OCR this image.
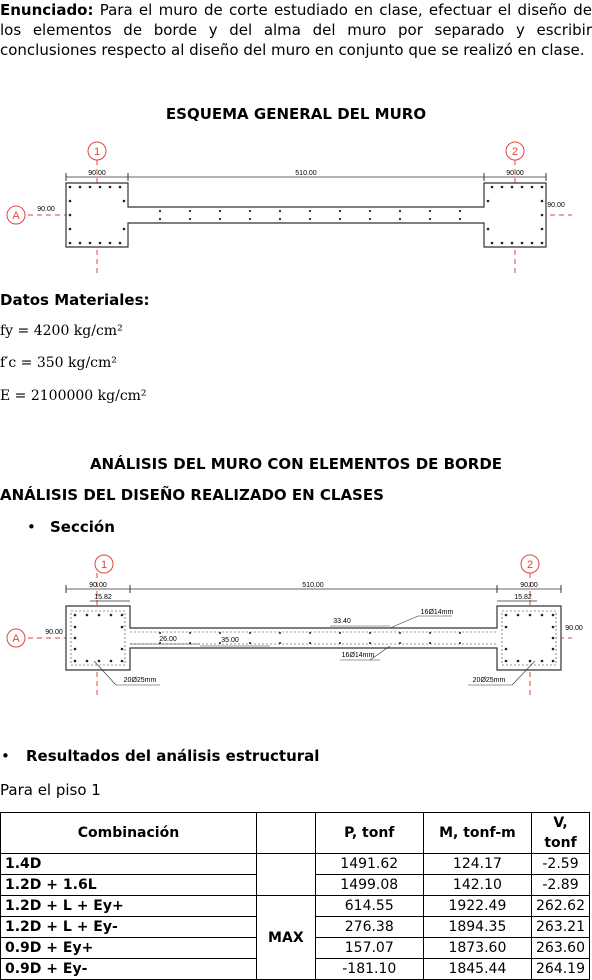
Enunciado: Para el muro de corte estudiado en clase, efectuar el diseño de los elementos de borde y del alma del muro por separado y escribir conclusiones respecto al diseño del muro en conjunto que se realizó en clase.
ESQUEMA GENERAL DEL MURO
1	2
A
90.00	510.00	90.00
90.00
90.00
Datos Materiales:
fy = 4200 kg/cm²
f′c = 350 kg/cm²
E = 2100000 kg/cm²
ANÁLISIS DEL MURO CON ELEMENTOS DE BORDE
ANÁLISIS DEL DISEÑO REALIZADO EN CLASES
• Sección
1	2
A
90.00	510.00	90.00
15.82	15.82
90.00
90.00
26.00	35.00
33.40
16Ø14mm
16Ø14mm
20Ø25mm	20Ø25mm
• Resultados del análisis estructural
Para el piso 1
Combinación		P, tonf	M, tonf-m	V, tonf
1.4D		1491.62	124.17	-2.59
1.2D + 1.6L		1499.08	142.10	-2.89
1.2D + L + Ey+	MAX	614.55	1922.49	262.62
1.2D + L + Ey-		276.38	1894.35	263.21
0.9D + Ey+		157.07	1873.60	263.60
0.9D + Ey-		-181.10	1845.44	264.19
